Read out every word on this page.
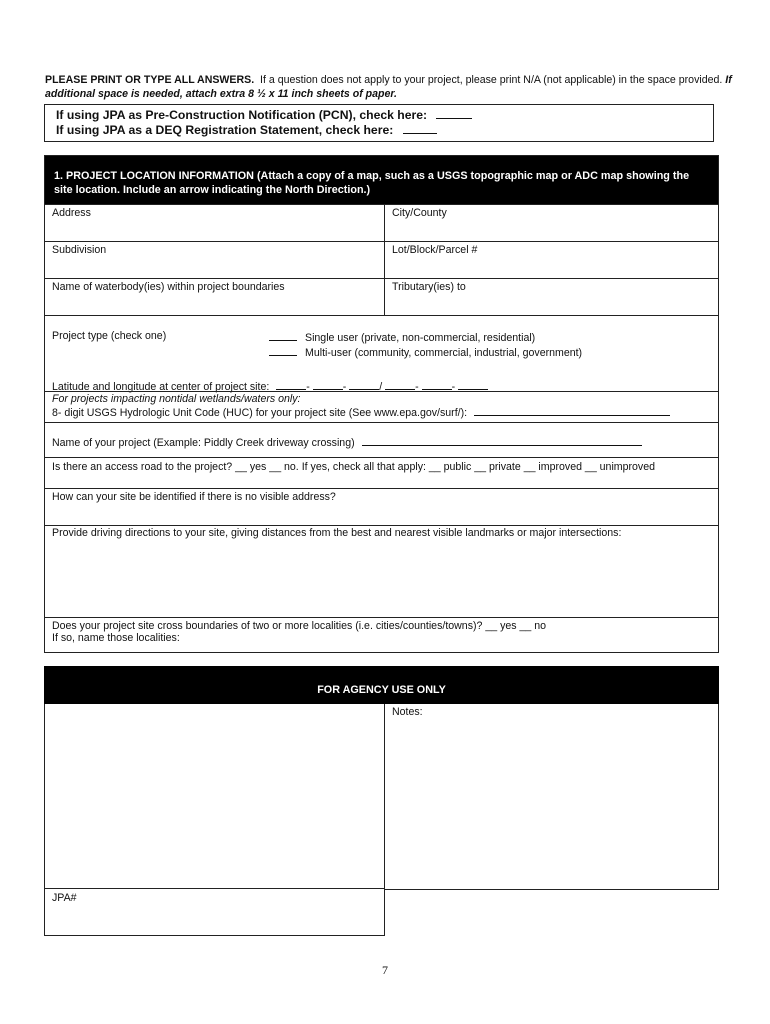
PLEASE PRINT OR TYPE ALL ANSWERS. If a question does not apply to your project, please print N/A (not applicable) in the space provided. If additional space is needed, attach extra 8 ½ x 11 inch sheets of paper.
If using JPA as Pre-Construction Notification (PCN), check here:
If using JPA as a DEQ Registration Statement, check here:
1. PROJECT LOCATION INFORMATION (Attach a copy of a map, such as a USGS topographic map or ADC map showing the site location. Include an arrow indicating the North Direction.)
Address	City/County
Subdivision	Lot/Block/Parcel #
Name of waterbody(ies) within project boundaries	Tributary(ies) to
Project type (check one)	Single user (private, non-commercial, residential)
Multi-user (community, commercial, industrial, government)
Latitude and longitude at center of project site:	-	-	/	-	-
For projects impacting nontidal wetlands/waters only:
8- digit USGS Hydrologic Unit Code (HUC) for your project site (See www.epa.gov/surf/):
Name of your project (Example: Piddly Creek driveway crossing)
Is there an access road to the project? __ yes __ no. If yes, check all that apply: __ public __ private __ improved __ unimproved
How can your site be identified if there is no visible address?
Provide driving directions to your site, giving distances from the best and nearest visible landmarks or major intersections:
Does your project site cross boundaries of two or more localities (i.e. cities/counties/towns)? __ yes __ no
If so, name those localities:
FOR AGENCY USE ONLY
JPA#
Notes:
7
